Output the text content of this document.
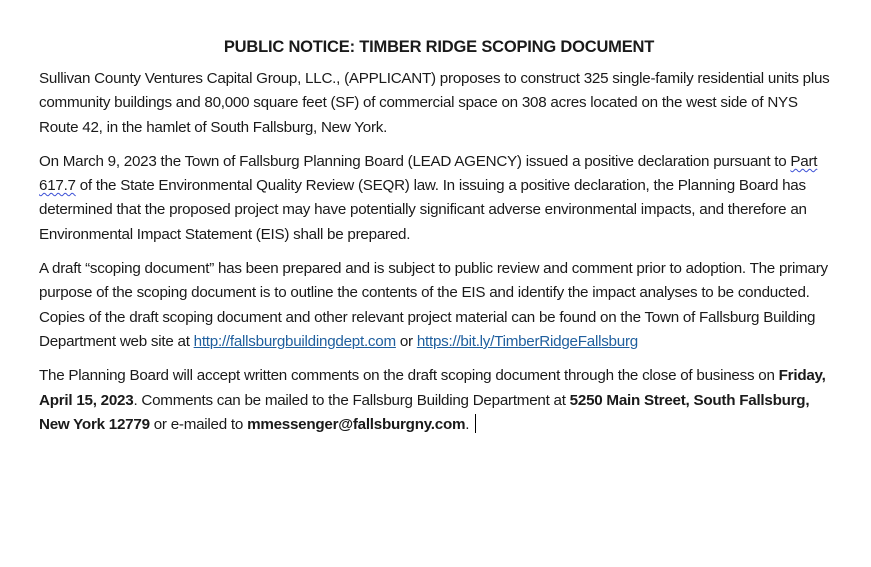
PUBLIC NOTICE: TIMBER RIDGE SCOPING DOCUMENT

Sullivan County Ventures Capital Group, LLC., (APPLICANT) proposes to construct 325 single-family residential units plus community buildings and 80,000 square feet (SF) of commercial space on 308 acres located on the west side of NYS Route 42, in the hamlet of South Fallsburg, New York.

On March 9, 2023 the Town of Fallsburg Planning Board (LEAD AGENCY) issued a positive declaration pursuant to Part 617.7 of the State Environmental Quality Review (SEQR) law. In issuing a positive declaration, the Planning Board has determined that the proposed project may have potentially significant adverse environmental impacts, and therefore an Environmental Impact Statement (EIS) shall be prepared.

A draft “scoping document” has been prepared and is subject to public review and comment prior to adoption. The primary purpose of the scoping document is to outline the contents of the EIS and identify the impact analyses to be conducted. Copies of the draft scoping document and other relevant project material can be found on the Town of Fallsburg Building Department web site at http://fallsburgbuildingdept.com or https://bit.ly/TimberRidgeFallsburg

The Planning Board will accept written comments on the draft scoping document through the close of business on Friday, April 15, 2023. Comments can be mailed to the Fallsburg Building Department at 5250 Main Street, South Fallsburg, New York 12779 or e-mailed to mmessenger@fallsburgny.com.
